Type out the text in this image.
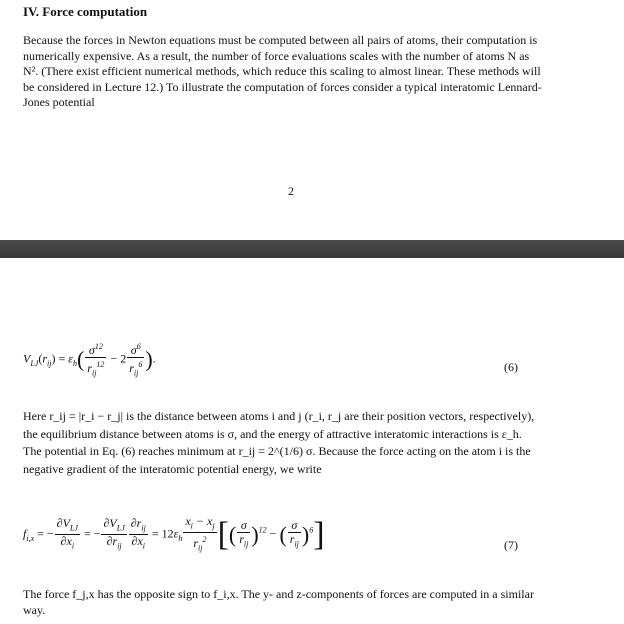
IV. Force computation
Because the forces in Newton equations must be computed between all pairs of atoms, their computation is numerically expensive. As a result, the number of force evaluations scales with the number of atoms N as N². (There exist efficient numerical methods, which reduce this scaling to almost linear. These methods will be considered in Lecture 12.) To illustrate the computation of forces consider a typical interatomic Lennard-Jones potential
2
$V_{LJ}(r_{ij}) = \varepsilon_h( \frac{\sigma^{12}}{r_{ij}^{12}} - 2 \frac{\sigma^6}{r_{ij}^6}$ ).
(6)
Here r_ij = |r_i − r_j| is the distance between atoms i and j (r_i, r_j are their position vectors, respectively), the equilibrium distance between atoms is σ, and the energy of attractive interatomic interactions is ε_h. The potential in Eq. (6) reaches minimum at r_ij = 2^(1/6) σ. Because the force acting on the atom i is the negative gradient of the interatomic potential energy, we write
$f_{i,x}$ = − $\frac{\partial V_{LJ}}{\partial x_i}$ = − $\frac{\partial V_{LJ}}{\partial r_{ij}} \frac{\partial r_{ij}}{\partial x_i} = 12\varepsilon_h \frac{x_i - x_j}{r_{ij}^2}$ [( $\frac{\sigma}{r_{ij}} )^{12}$ − ( $\frac{\sigma}{r_{ij}} )^6$]	(7)
The force f_j,x has the opposite sign to f_i,x. The y- and z-components of forces are computed in a similar way.
